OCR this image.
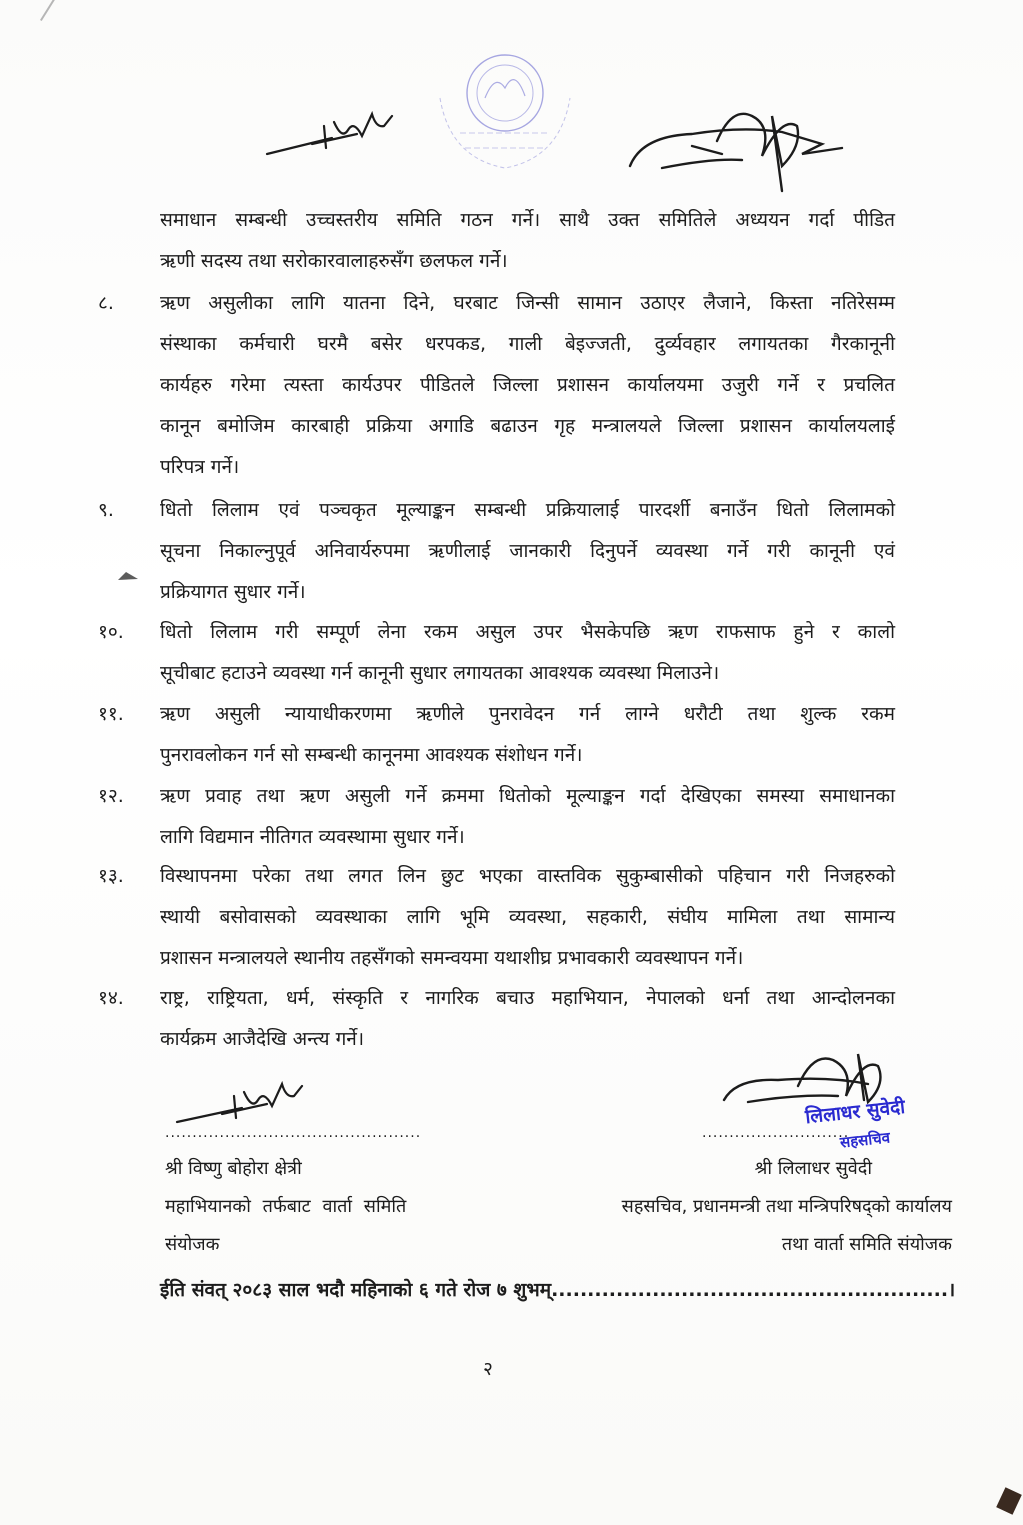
समाधान सम्बन्धी उच्चस्तरीय समिति गठन गर्ने। साथै उक्त समितिले अध्ययन गर्दा पीडित
ऋणी सदस्य तथा सरोकारवालाहरुसँग छलफल गर्ने।
८. ऋण असुलीका लागि यातना दिने, घरबाट जिन्सी सामान उठाएर लैजाने, किस्ता नतिरेसम्म
संस्थाका कर्मचारी घरमै बसेर धरपकड, गाली बेइज्जती, दुर्व्यवहार लगायतका गैरकानूनी
कार्यहरु गरेमा त्यस्ता कार्यउपर पीडितले जिल्ला प्रशासन कार्यालयमा उजुरी गर्ने र प्रचलित
कानून बमोजिम कारबाही प्रक्रिया अगाडि बढाउन गृह मन्त्रालयले जिल्ला प्रशासन कार्यालयलाई
परिपत्र गर्ने।
९. धितो लिलाम एवं पञ्चकृत मूल्याङ्कन सम्बन्धी प्रक्रियालाई पारदर्शी बनाउँन धितो लिलामको
सूचना निकाल्नुपूर्व अनिवार्यरुपमा ऋणीलाई जानकारी दिनुपर्ने व्यवस्था गर्ने गरी कानूनी एवं
प्रक्रियागत सुधार गर्ने।
१०. धितो लिलाम गरी सम्पूर्ण लेना रकम असुल उपर भैसकेपछि ऋण राफसाफ हुने र कालो
सूचीबाट हटाउने व्यवस्था गर्न कानूनी सुधार लगायतका आवश्यक व्यवस्था मिलाउने।
११. ऋण असुली न्यायाधीकरणमा ऋणीले पुनरावेदन गर्न लाग्ने धरौटी तथा शुल्क रकम
पुनरावलोकन गर्न सो सम्बन्धी कानूनमा आवश्यक संशोधन गर्ने।
१२. ऋण प्रवाह तथा ऋण असुली गर्ने क्रममा धितोको मूल्याङ्कन गर्दा देखिएका समस्या समाधानका
लागि विद्यमान नीतिगत व्यवस्थामा सुधार गर्ने।
१३. विस्थापनमा परेका तथा लगत लिन छुट भएका वास्तविक सुकुम्बासीको पहिचान गरी निजहरुको
स्थायी बसोवासको व्यवस्थाका लागि भूमि व्यवस्था, सहकारी, संघीय मामिला तथा सामान्य
प्रशासन मन्त्रालयले स्थानीय तहसँगको समन्वयमा यथाशीघ्र प्रभावकारी व्यवस्थापन गर्ने।
१४. राष्ट्र, राष्ट्रियता, धर्म, संस्कृति र नागरिक बचाउ महाभियान, नेपालको धर्ना तथा आन्दोलनका
कार्यक्रम आजैदेखि अन्त्य गर्ने।
...............................................
श्री विष्णु बोहोरा क्षेत्री
महाभियानको तर्फबाट वार्ता समिति
संयोजक
लिलाधर सुवेदी
सहसचिव
...........................
श्री लिलाधर सुवेदी
सहसचिव, प्रधानमन्त्री तथा मन्त्रिपरिषद्को कार्यालय
तथा वार्ता समिति संयोजक
ईति संवत् २०८३ साल भदौ महिनाको ६ गते रोज ७ शुभम्.......................................................।
२
